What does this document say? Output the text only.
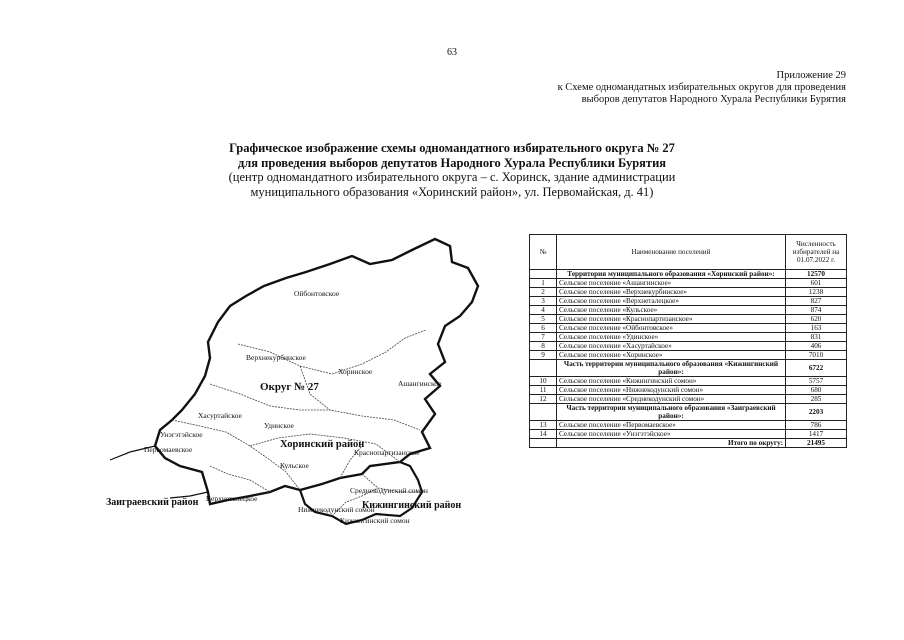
63
Приложение 29
к Схеме одномандатных избирательных округов для проведения
выборов депутатов Народного Хурала Республики Бурятия
Графическое изображение схемы одномандатного избирательного округа № 27
для проведения выборов депутатов Народного Хурала Республики Бурятия
(центр одномандатного избирательного округа – с. Хоринск, здание администрации
муниципального образования «Хоринский район», ул. Первомайская, д. 41)
Ойбонтовское
Верхнекурбинское
Округ № 27
Хоринское
Ашангинское
Хасуртайское
Удинское
Хоринский район
Унэгэтэйское
Первомаевское	Краснопартизанское
Кульское
Заиграевский район Верхнеталецкое
Среднекодунский сомон
Кижингинский район
Нижнекодунский сомон
Кижингинский сомон
№	Наименование поселений	Численность избирателей на 01.07.2022 г.
	Территория муниципального образования «Хоринский район»:	12570
1	Сельское поселение «Ашангинское»	601
2	Сельское поселение «Верхнекурбинское»	1238
3	Сельское поселение «Верхнеталецкое»	827
4	Сельское поселение «Кульское»	874
5	Сельское поселение «Краснопартизанское»	620
6	Сельское поселение «Ойбонтовское»	163
7	Сельское поселение «Удинское»	831
8	Сельское поселение «Хасуртайское»	406
9	Сельское поселение «Хоринское»	7010
	Часть территории муниципального образования «Кижингинский район»:	6722
10	Сельское поселение «Кижингинский сомон»	5757
11	Сельское поселение «Нижнекодунский сомон»	680
12	Сельское поселение «Среднекодунский сомон»	285
	Часть территории муниципального образования «Заиграевский район»:	2203
13	Сельское поселение «Первомаевское»	786
14	Сельское поселение «Унэгэтэйское»	1417
	Итого по округу:	21495
